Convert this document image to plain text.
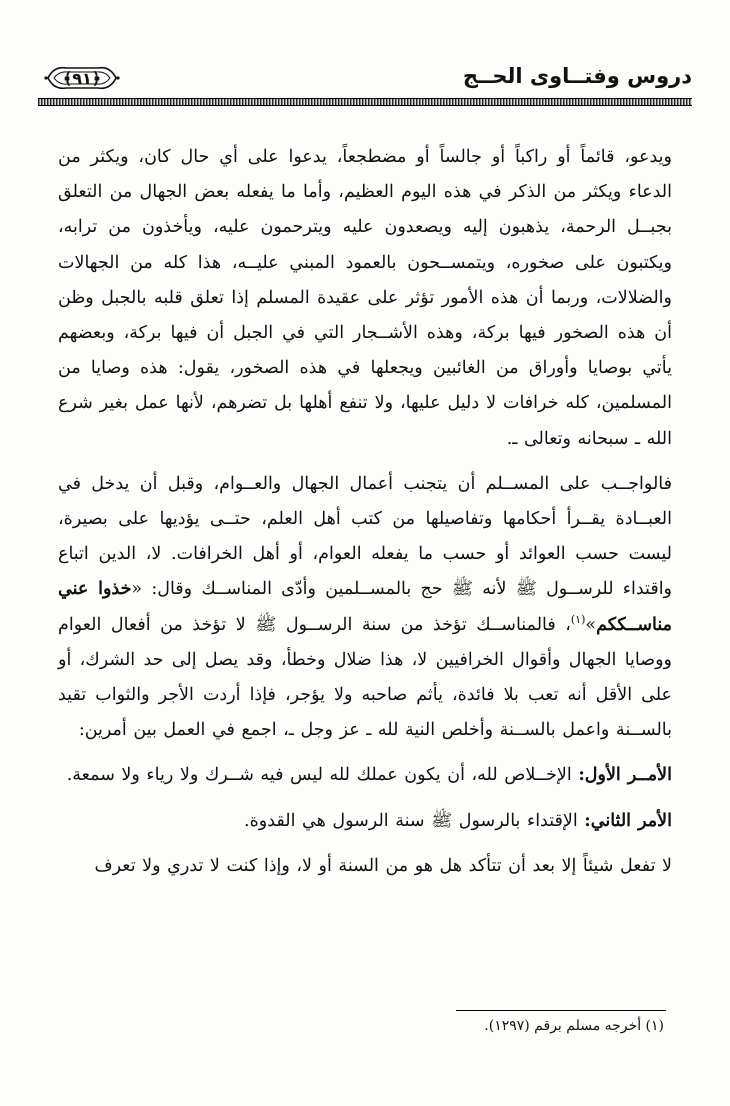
دروس وفتــاوى الحــج
﴿٩١﴾

ويدعو، قائماً أو راكباً أو جالساً أو مضطجعاً، يدعوا على أي حال كان، ويكثر من الدعاء ويكثر من الذكر في هذه اليوم العظيم، وأما ما يفعله بعض الجهال من التعلق بجبــل الرحمة، يذهبون إليه ويصعدون عليه ويترحمون عليه، ويأخذون من ترابه، ويكتبون على صخوره، ويتمســحون بالعمود المبني عليــه، هذا كله من الجهالات والضلالات، وربما أن هذه الأمور تؤثر على عقيدة المسلم إذا تعلق قلبه بالجبل وظن أن هذه الصخور فيها بركة، وهذه الأشــجار التي في الجبل أن فيها بركة، وبعضهم يأتي بوصايا وأوراق من الغائبين ويجعلها في هذه الصخور، يقول: هذه وصايا من المسلمين، كله خرافات لا دليل عليها، ولا تنفع أهلها بل تضرهم، لأنها عمل بغير شرع الله ـ سبحانه وتعالى ـ.

فالواجــب على المســلم أن يتجنب أعمال الجهال والعــوام، وقبل أن يدخل في العبــادة يقــرأ أحكامها وتفاصيلها من كتب أهل العلم، حتــى يؤديها على بصيرة، ليست حسب العوائد أو حسب ما يفعله العوام، أو أهل الخرافات. لا، الدين اتباع واقتداء للرســول ﷺ لأنه ﷺ حج بالمســلمين وأدّى المناســك وقال: «خذوا عني مناســككم»$^{(١)}$، فالمناســك تؤخذ من سنة الرســول ﷺ لا تؤخذ من أفعال العوام ووصايا الجهال وأقوال الخرافيين لا، هذا ضلال وخطأ، وقد يصل إلى حد الشرك، أو على الأقل أنه تعب بلا فائدة، يأثم صاحبه ولا يؤجر، فإذا أردت الأجر والثواب تقيد بالســنة واعمل بالســنة وأخلص النية لله ـ عز وجل ـ، اجمع في العمل بين أمرين:

الأمــر الأول: الإخــلاص لله، أن يكون عملك لله ليس فيه شــرك ولا رياء ولا سمعة.

الأمر الثاني: الإقتداء بالرسول ﷺ سنة الرسول هي القدوة.

لا تفعل شيئاً إلا بعد أن تتأكد هل هو من السنة أو لا، وإذا كنت لا تدري ولا تعرف

(١) أخرجه مسلم برقم (١٢٩٧).
